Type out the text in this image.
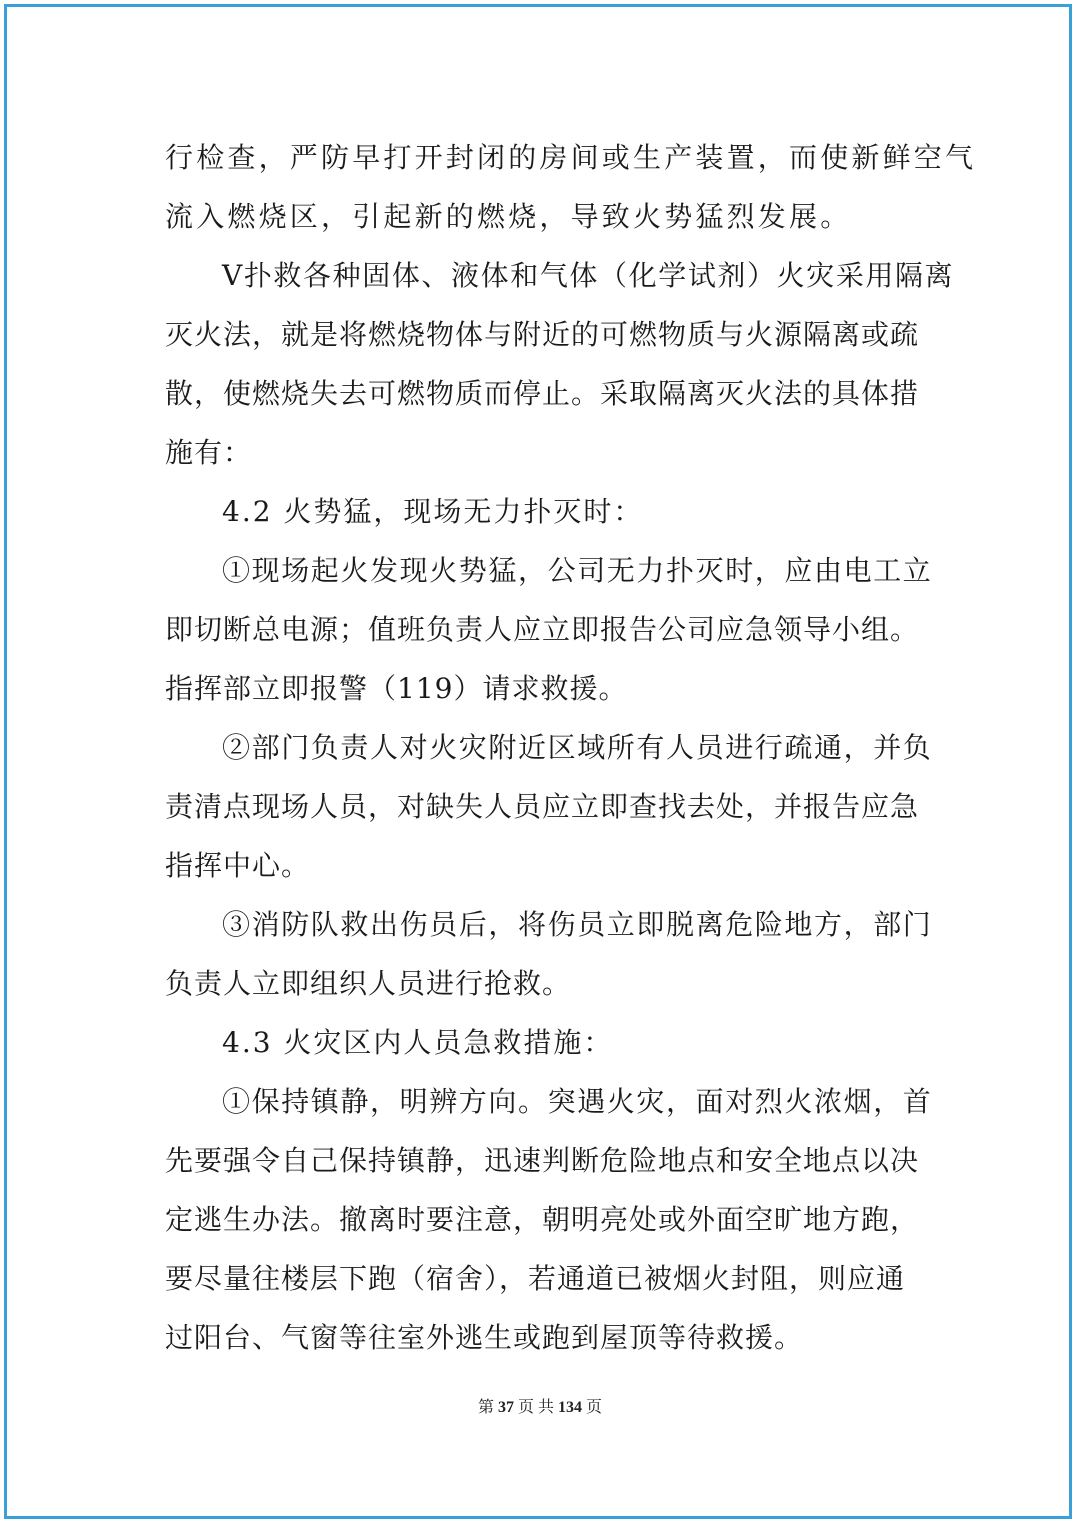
行检查，严防早打开封闭的房间或生产装置，而使新鲜空气
流入燃烧区，引起新的燃烧，导致火势猛烈发展。
V扑救各种固体、液体和气体（化学试剂）火灾采用隔离
灭火法，就是将燃烧物体与附近的可燃物质与火源隔离或疏
散，使燃烧失去可燃物质而停止。采取隔离灭火法的具体措
施有：
4.2 火势猛，现场无力扑灭时：
①现场起火发现火势猛，公司无力扑灭时，应由电工立
即切断总电源；值班负责人应立即报告公司应急领导小组。
指挥部立即报警（119）请求救援。
②部门负责人对火灾附近区域所有人员进行疏通，并负
责清点现场人员，对缺失人员应立即查找去处，并报告应急
指挥中心。
③消防队救出伤员后，将伤员立即脱离危险地方，部门
负责人立即组织人员进行抢救。
4.3 火灾区内人员急救措施：
①保持镇静，明辨方向。突遇火灾，面对烈火浓烟，首
先要强令自己保持镇静，迅速判断危险地点和安全地点以决
定逃生办法。撤离时要注意，朝明亮处或外面空旷地方跑，
要尽量往楼层下跑（宿舍），若通道已被烟火封阻，则应通
过阳台、气窗等往室外逃生或跑到屋顶等待救援。
第 37 页 共 134 页
